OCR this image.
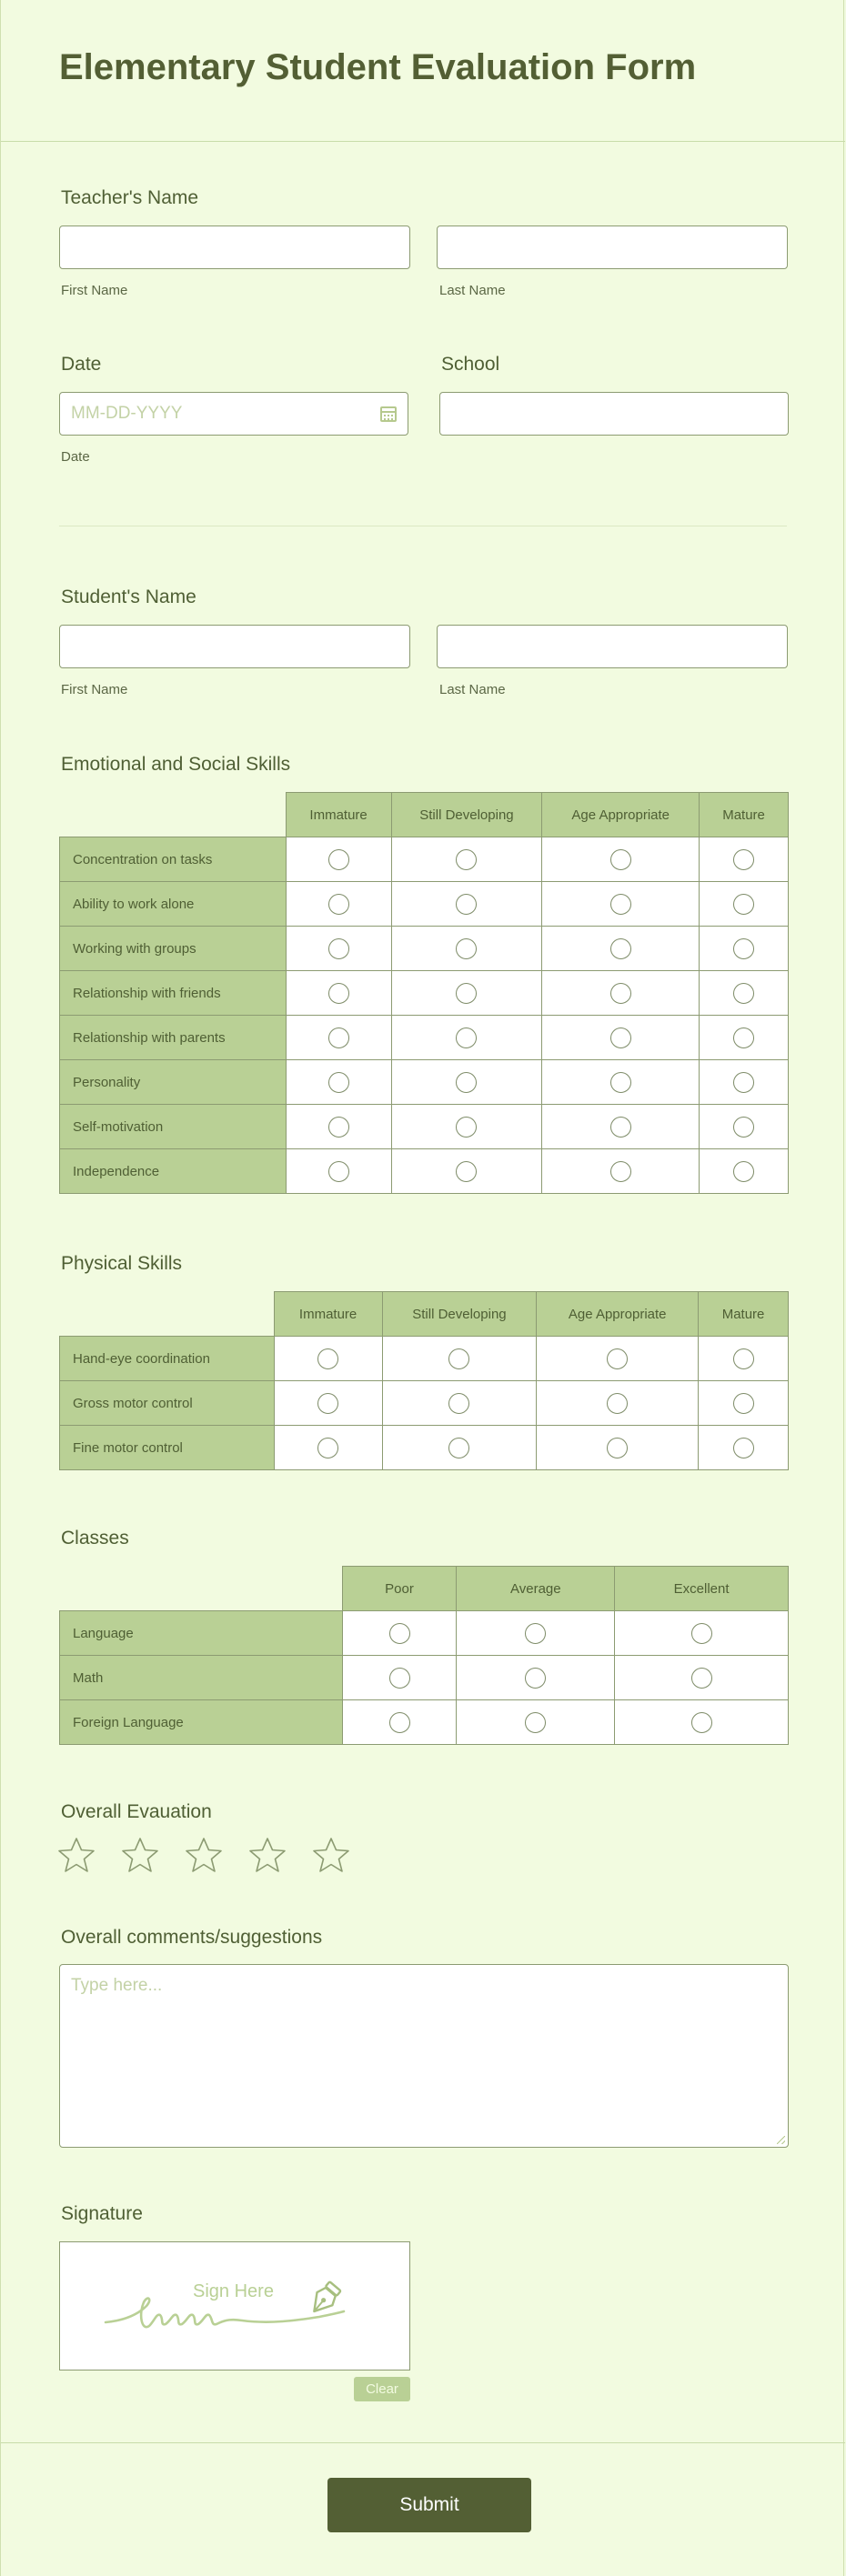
Elementary Student Evaluation Form
Teacher's Name
First Name	Last Name
Date	School
MM-DD-YYYY
Date
Student's Name
First Name	Last Name
Emotional and Social Skills
	Immature	Still Developing	Age Appropriate	Mature
Concentration on tasks				
Ability to work alone				
Working with groups				
Relationship with friends				
Relationship with parents				
Personality				
Self-motivation				
Independence				
Physical Skills
	Immature	Still Developing	Age Appropriate	Mature
Hand-eye coordination				
Gross motor control				
Fine motor control				
Classes
	Poor	Average	Excellent
Language			
Math			
Foreign Language			
Overall Evauation
Overall comments/suggestions
Type here...
Signature
Sign Here
Clear
Submit
